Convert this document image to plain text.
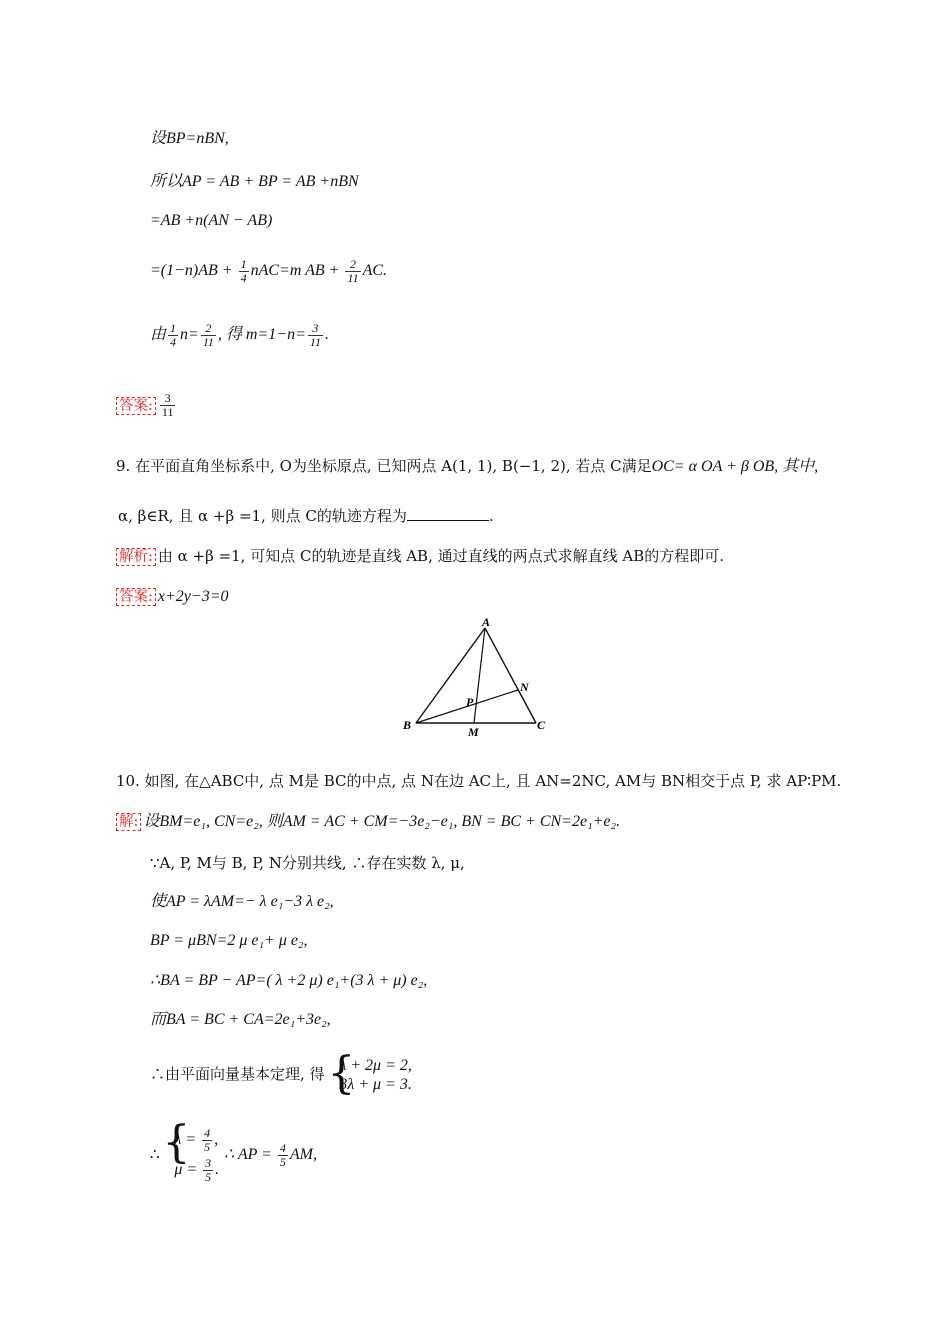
设BP=nBN,
所以AP = AB + BP = AB +nBN
=AB +n(AN − AB)
$=(1-n)AB + \frac{1}{4} nAC=m$ AB + $\frac{2}{11}$ AC.
由 $\frac{1}{4} n= \frac{2}{11}$ , 得 $m=1-n= \frac{3}{11}$ .
答案: $\frac{3}{11}$
9. 在平面直角坐标系中, O为坐标原点, 已知两点 A(1, 1), B(−1, 2), 若点 C满足OC= α OA + β OB, 其中,
α, β∈R, 且 α +β =1, 则点 C的轨迹方程为	.
解析: 由 α +β =1, 可知点 C的轨迹是直线 AB, 通过直线的两点式求解直线 AB的方程即可.
答案: x+2y−3=0
A
B	C
M
N
P
10. 如图, 在△ABC中, 点 M是 BC的中点, 点 N在边 AC上, 且 AN=2NC, AM与 BN相交于点 P, 求 AP∶PM.
解: 设BM=e₁, CN=e₂, 则AM = AC + CM=−3e₂−e₁, BN = BC + CN=2e₁+e₂.
∵A, P, M与 B, P, N分别共线, ∴存在实数 λ, μ,
使AP = λAM=− λ e₁−3 λ e₂,
BP = μBN=2 μ e₁+ μ e₂,
∴BA = BP − AP=( λ +2 μ) e₁+(3 λ + μ) e₂,
而BA = BC + CA=2e₁+3e₂,
∴由平面向量基本定理, 得
{ λ + 2μ = 2,
3λ + μ = 3.
∴
{ $\lambda = \frac{4}{5}$ ,
$\mu = \frac{3}{5}$ .
∴ AP = $\frac{4}{5}$ AM,
